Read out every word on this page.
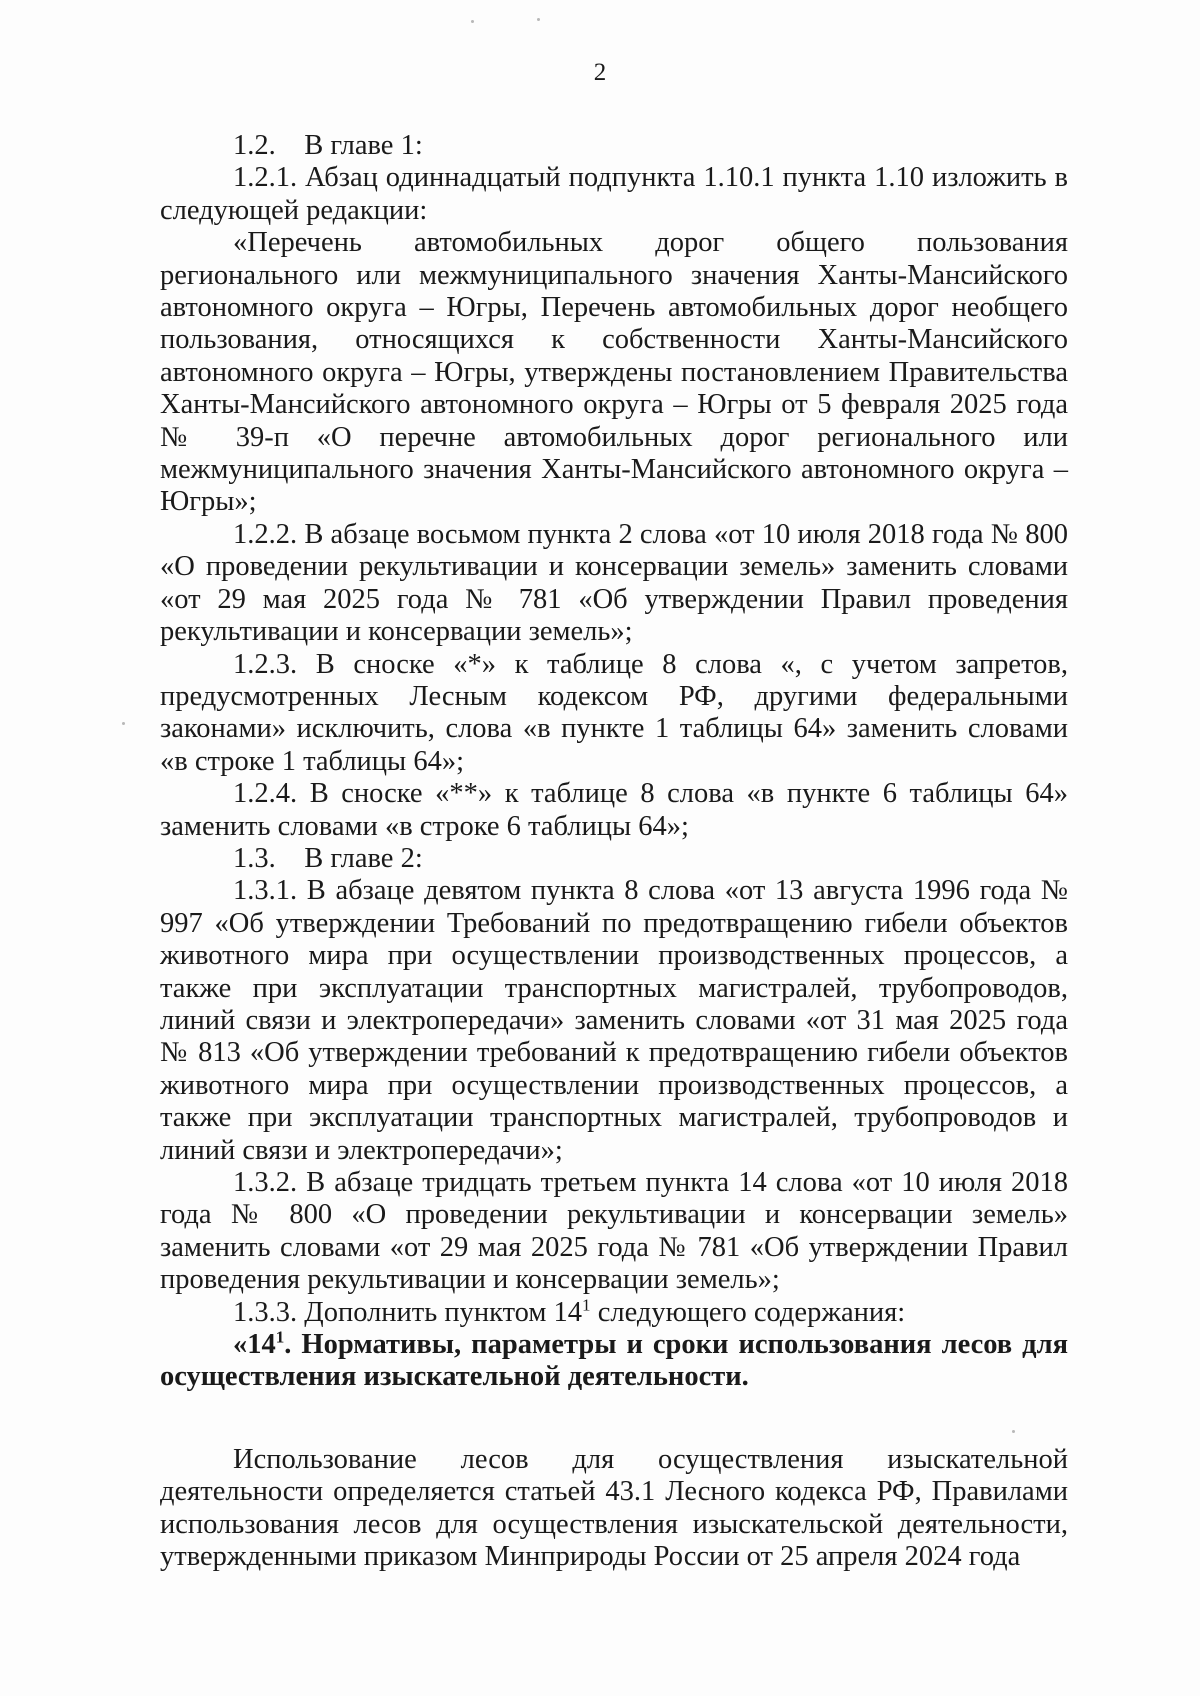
2

1.2. В главе 1:

1.2.1. Абзац одиннадцатый подпункта 1.10.1 пункта 1.10 изложить в следующей редакции:

«Перечень автомобильных дорог общего пользования регионального или межмуниципального значения Ханты-Мансийского автономного округа – Югры, Перечень автомобильных дорог необщего пользования, относящихся к собственности Ханты-Мансийского автономного округа – Югры, утверждены постановлением Правительства Ханты-Мансийского автономного округа – Югры от 5 февраля 2025 года № 39-п «О перечне автомобильных дорог регионального или межмуниципального значения Ханты-Мансийского автономного округа – Югры»;

1.2.2. В абзаце восьмом пункта 2 слова «от 10 июля 2018 года № 800 «О проведении рекультивации и консервации земель» заменить словами «от 29 мая 2025 года № 781 «Об утверждении Правил проведения рекультивации и консервации земель»;

1.2.3. В сноске «*» к таблице 8 слова «, с учетом запретов, предусмотренных Лесным кодексом РФ, другими федеральными законами» исключить, слова «в пункте 1 таблицы 64» заменить словами «в строке 1 таблицы 64»;

1.2.4. В сноске «**» к таблице 8 слова «в пункте 6 таблицы 64» заменить словами «в строке 6 таблицы 64»;

1.3. В главе 2:

1.3.1. В абзаце девятом пункта 8 слова «от 13 августа 1996 года № 997 «Об утверждении Требований по предотвращению гибели объектов животного мира при осуществлении производственных процессов, а также при эксплуатации транспортных магистралей, трубопроводов, линий связи и электропередачи» заменить словами «от 31 мая 2025 года № 813 «Об утверждении требований к предотвращению гибели объектов животного мира при осуществлении производственных процессов, а также при эксплуатации транспортных магистралей, трубопроводов и линий связи и электропередачи»;

1.3.2. В абзаце тридцать третьем пункта 14 слова «от 10 июля 2018 года № 800 «О проведении рекультивации и консервации земель» заменить словами «от 29 мая 2025 года № 781 «Об утверждении Правил проведения рекультивации и консервации земель»;

1.3.3. Дополнить пунктом $14^1$ следующего содержания:

«$14^1$. Нормативы, параметры и сроки использования лесов для осуществления изыскательной деятельности.

Использование лесов для осуществления изыскательной деятельности определяется статьей 43.1 Лесного кодекса РФ, Правилами использования лесов для осуществления изыскательской деятельности, утвержденными приказом Минприроды России от 25 апреля 2024 года
